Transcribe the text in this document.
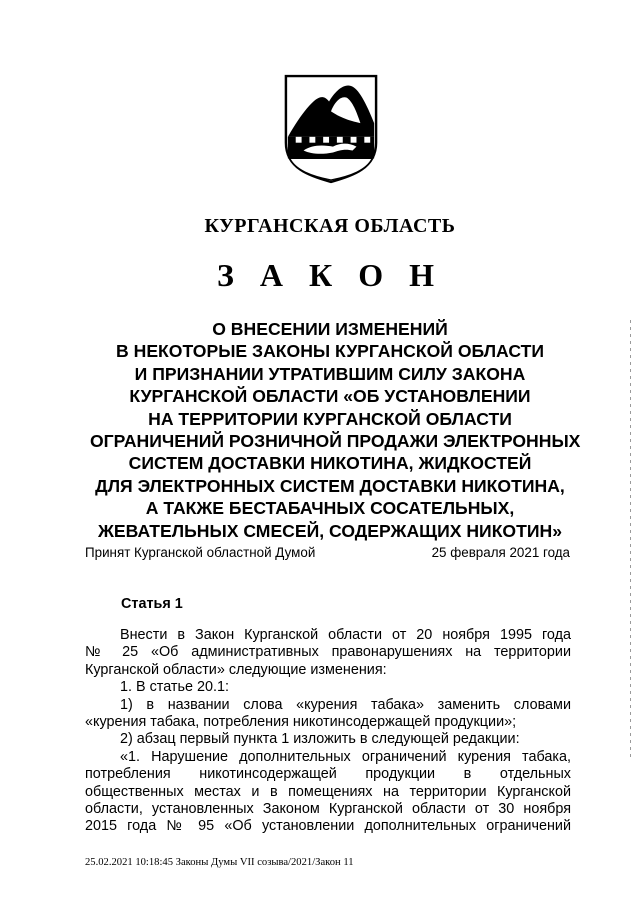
КУРГАНСКАЯ ОБЛАСТЬ
З А К О Н
О ВНЕСЕНИИ ИЗМЕНЕНИЙ
В НЕКОТОРЫЕ ЗАКОНЫ КУРГАНСКОЙ ОБЛАСТИ
И ПРИЗНАНИИ УТРАТИВШИМ СИЛУ ЗАКОНА
КУРГАНСКОЙ ОБЛАСТИ «ОБ УСТАНОВЛЕНИИ
НА ТЕРРИТОРИИ КУРГАНСКОЙ ОБЛАСТИ
ОГРАНИЧЕНИЙ РОЗНИЧНОЙ ПРОДАЖИ ЭЛЕКТРОННЫХ
СИСТЕМ ДОСТАВКИ НИКОТИНА, ЖИДКОСТЕЙ
ДЛЯ ЭЛЕКТРОННЫХ СИСТЕМ ДОСТАВКИ НИКОТИНА,
А ТАКЖЕ БЕСТАБАЧНЫХ СОСАТЕЛЬНЫХ,
ЖЕВАТЕЛЬНЫХ СМЕСЕЙ, СОДЕРЖАЩИХ НИКОТИН»
Принят Курганской областной Думой	25 февраля 2021 года
Статья 1
Внести в Закон Курганской области от 20 ноября 1995 года
№ 25 «Об административных правонарушениях на территории
Курганской области» следующие изменения:
1. В статье 20.1:
1) в названии слова «курения табака» заменить словами
«курения табака, потребления никотинсодержащей продукции»;
2) абзац первый пункта 1 изложить в следующей редакции:
«1. Нарушение дополнительных ограничений курения табака,
потребления никотинсодержащей продукции в отдельных
общественных местах и в помещениях на территории Курганской
области, установленных Законом Курганской области от 30 ноября
2015 года № 95 «Об установлении дополнительных ограничений
25.02.2021 10:18:45 Законы Думы VII созыва/2021/Закон 11
